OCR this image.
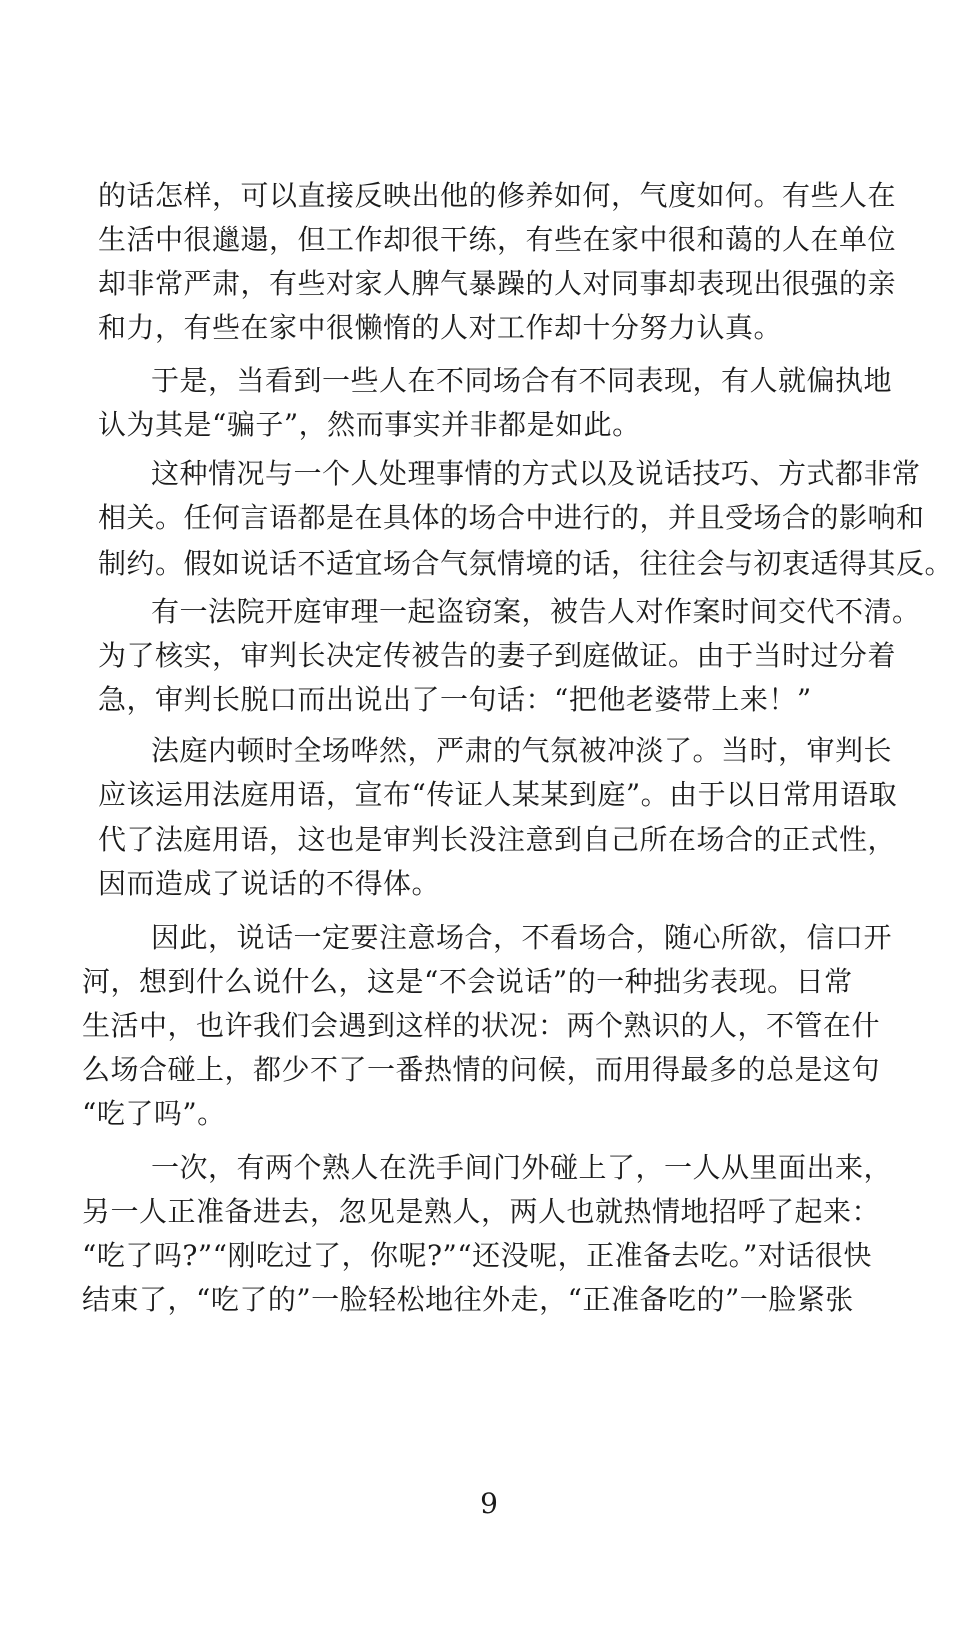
的话怎样，可以直接反映出他的修养如何，气度如何。有些人在
生活中很邋遢，但工作却很干练，有些在家中很和蔼的人在单位
却非常严肃，有些对家人脾气暴躁的人对同事却表现出很强的亲
和力，有些在家中很懒惰的人对工作却十分努力认真。
于是，当看到一些人在不同场合有不同表现，有人就偏执地
认为其是“骗子”，然而事实并非都是如此。
这种情况与一个人处理事情的方式以及说话技巧、方式都非常
相关。任何言语都是在具体的场合中进行的，并且受场合的影响和
制约。假如说话不适宜场合气氛情境的话，往往会与初衷适得其反。
有一法院开庭审理一起盗窃案，被告人对作案时间交代不清。
为了核实，审判长决定传被告的妻子到庭做证。由于当时过分着
急，审判长脱口而出说出了一句话：“把他老婆带上来！”
法庭内顿时全场哗然，严肃的气氛被冲淡了。当时，审判长
应该运用法庭用语，宣布“传证人某某到庭”。由于以日常用语取
代了法庭用语，这也是审判长没注意到自己所在场合的正式性，
因而造成了说话的不得体。
因此，说话一定要注意场合，不看场合，随心所欲，信口开
河，想到什么说什么，这是“不会说话”的一种拙劣表现。日常
生活中，也许我们会遇到这样的状况：两个熟识的人，不管在什
么场合碰上，都少不了一番热情的问候，而用得最多的总是这句
“吃了吗”。
一次，有两个熟人在洗手间门外碰上了，一人从里面出来，
另一人正准备进去，忽见是熟人，两人也就热情地招呼了起来：
“吃了吗?”“刚吃过了，你呢?”“还没呢，正准备去吃。”对话很快
结束了，“吃了的”一脸轻松地往外走，“正准备吃的”一脸紧张
9
